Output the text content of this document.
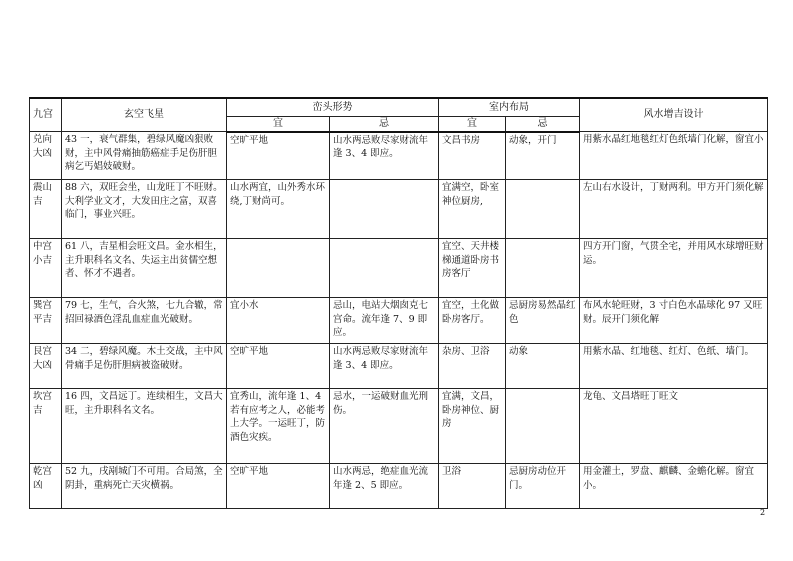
九宫	玄空飞星	峦头形势		室内布局		风水增吉设计
		宜	忌	宜	忌	
兑向大凶	43 一，衰气群集，碧绿风魔凶狠败财，主中风骨痛抽筋癌症手足伤肝胆病乞丐娼妓破财。	空旷平地	山水两忌败尽家财流年逢 3、4 即应。	文昌书房	动象，开门	用紫水晶红地毯红灯色纸墙门化解，窗宜小
震山吉	88 六，双旺会坐，山龙旺丁不旺财。大利学业文才，大发田庄之富，双喜临门，事业兴旺。	山水两宜，山外秀水环绕,丁财尚可。		宜满空，卧室神位厨房,		左山右水设计，丁财两利。甲方开门须化解
中宫小吉	61 八，吉星相会旺文昌。金水相生，主升职科名文名、失运主出贫儒空想者、怀才不遇者。			宜空、天井楼梯通道卧房书房客厅		四方开门窗，气贯全宅，并用风水球增旺财运。
巽宫平吉	79 七，生气，合火煞，七九合辙，常招回禄酒色淫乱血症血光破财。	宜小水	忌山，电站大烟囱克七宫命。流年逢 7、9 即应。	宜空，土化做卧房客厅。	忌厨房易然晶红色	布风水轮旺财，3 寸白色水晶球化 97 又旺财。辰开门须化解
艮宫大凶	34 二，碧绿风魔。木土交战，主中风骨痛手足伤肝胆病被盗破财。	空旷平地	山水两忌败尽家财流年逢 3、4 即应。	杂房、卫浴	动象	用紫水晶、红地毯、红灯、色纸、墙门。
坎宫吉	16 四，文昌远丁。连续相生，文昌大旺，主升职科名文名。	宜秀山，流年逢 1、4 若有应考之人，必能考上大学。一运旺丁，防酒色灾疾。	忌水，一运破财血光刑伤。	宜满，文昌，卧房神位、厨房		龙龟、文昌塔旺丁旺文
乾宫凶	52 九，戌剐城门不可用。合局煞，全阴卦，重病死亡天灾横祸。	空旷平地	山水两忌，绝症血光流年逢 2、5 即应。	卫浴	忌厨房动位开门。	用金灌土，罗盘、麒麟、金蟾化解。窗宜小。
2
